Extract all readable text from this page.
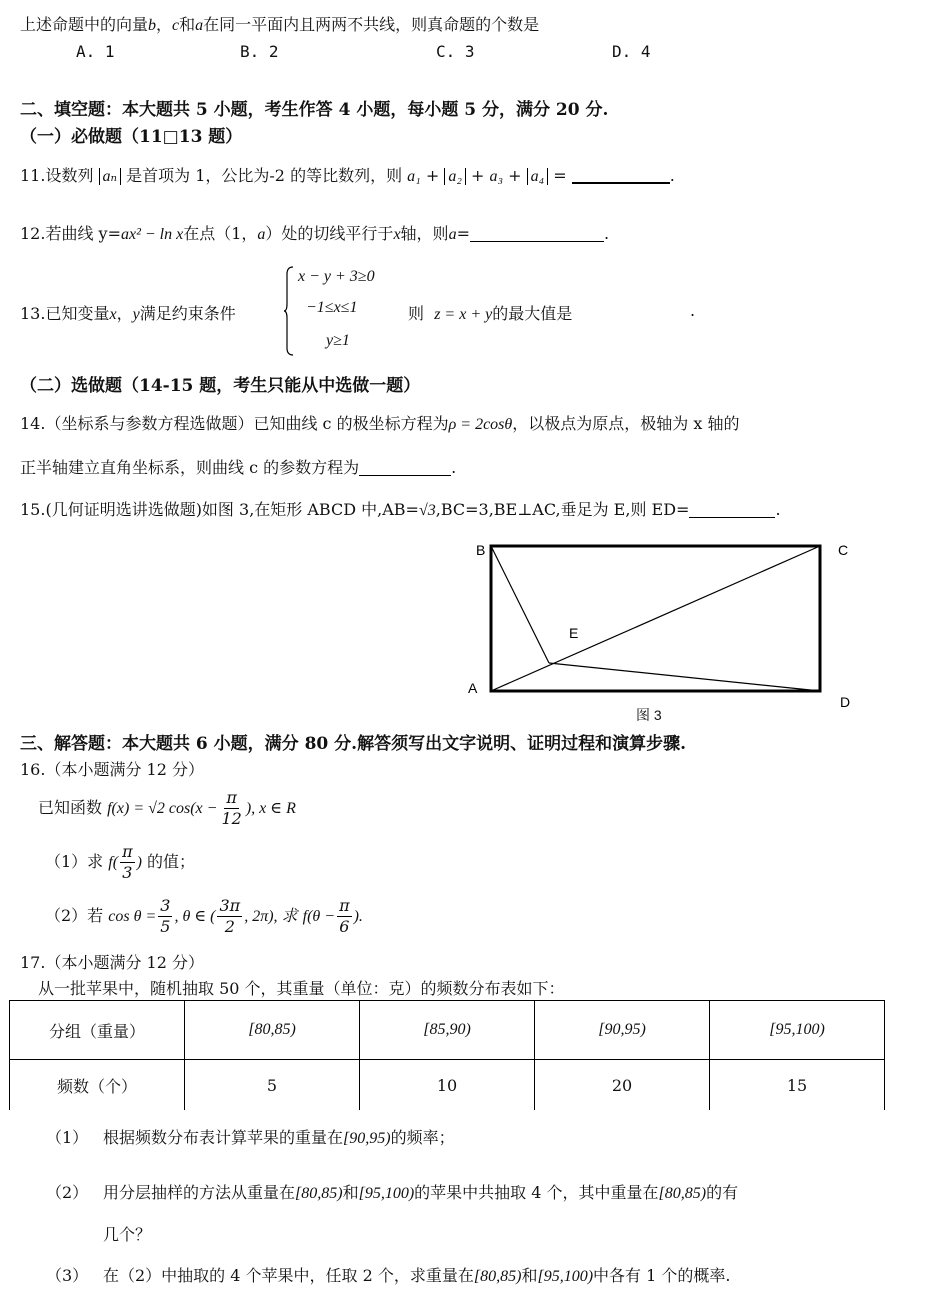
上述命题中的向量b，c和a在同一平面内且两两不共线，则真命题的个数是
A. 1	B. 2	C. 3	D. 4
二、填空题：本大题共 5 小题，考生作答 4 小题，每小题 5 分，满分 20 分.
（一）必做题（11□13 题）
11.设数列 aₙ 是首项为 1，公比为-2 的等比数列，则 a₁ + a₂ + a₃ + a₄ =	.
12.若曲线 y=ax² − ln x在点（1，a）处的切线平行于x轴，则a=	.
13.已知变量x，y满足约束条件
x − y + 3≥0
−1≤x≤1
y≥1
则 z = x + y的最大值是	.
（二）选做题（14-15 题，考生只能从中选做一题）
14.（坐标系与参数方程选做题）已知曲线 c 的极坐标方程为ρ = 2cosθ，以极点为原点，极轴为 x 轴的
正半轴建立直角坐标系，则曲线 c 的参数方程为	.
15.(几何证明选讲选做题)如图 3,在矩形 ABCD 中,AB=√3,BC=3,BE⊥AC,垂足为 E,则 ED=	.
B	C
A
D
E
图 3
三、解答题：本大题共 6 小题，满分 80 分.解答须写出文字说明、证明过程和演算步骤.
16.（本小题满分 12 分）
已知函数 f(x) = √2 $\cos(x - \frac{\pi}{12}$ ), x ∈ R
（1）求 $f( \frac{\pi}{3}$ ) 的值；
（2）若 $\cos \theta = \frac{3}{5}$ , θ ∈ ( $\frac{3\pi}{2}$ , 2π), 求 $f(\theta - \frac{\pi}{6}$ ).
17.（本小题满分 12 分）
从一批苹果中，随机抽取 50 个，其重量（单位：克）的频数分布表如下：
分组（重量）	[80,85)	[85,90)	[90,95)	[95,100)
频数（个）	5	10	20	15
（1） 根据频数分布表计算苹果的重量在[90,95)的频率；
（2） 用分层抽样的方法从重量在[80,85)和[95,100)的苹果中共抽取 4 个，其中重量在[80,85)的有
几个？
（3） 在（2）中抽取的 4 个苹果中，任取 2 个，求重量在[80,85)和[95,100)中各有 1 个的概率.
